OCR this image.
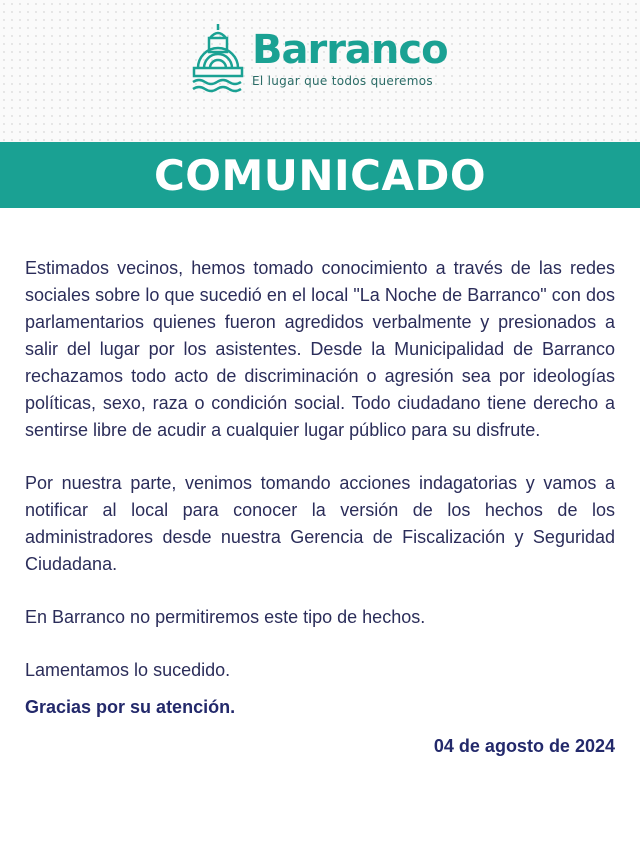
Barranco
El lugar que todos queremos
COMUNICADO

Estimados vecinos, hemos tomado conocimiento a través de las redes sociales sobre lo que sucedió en el local "La Noche de Barranco" con dos parlamentarios quienes fueron agredidos verbalmente y presionados a salir del lugar por los asistentes. Desde la Municipalidad de Barranco rechazamos todo acto de discriminación o agresión sea por ideologías políticas, sexo, raza o condición social. Todo ciudadano tiene derecho a sentirse libre de acudir a cualquier lugar público para su disfrute.

Por nuestra parte, venimos tomando acciones indagatorias y vamos a notificar al local para conocer la versión de los hechos de los administradores desde nuestra Gerencia de Fiscalización y Seguridad Ciudadana.

En Barranco no permitiremos este tipo de hechos.

Lamentamos lo sucedido.

Gracias por su atención.

04 de agosto de 2024
